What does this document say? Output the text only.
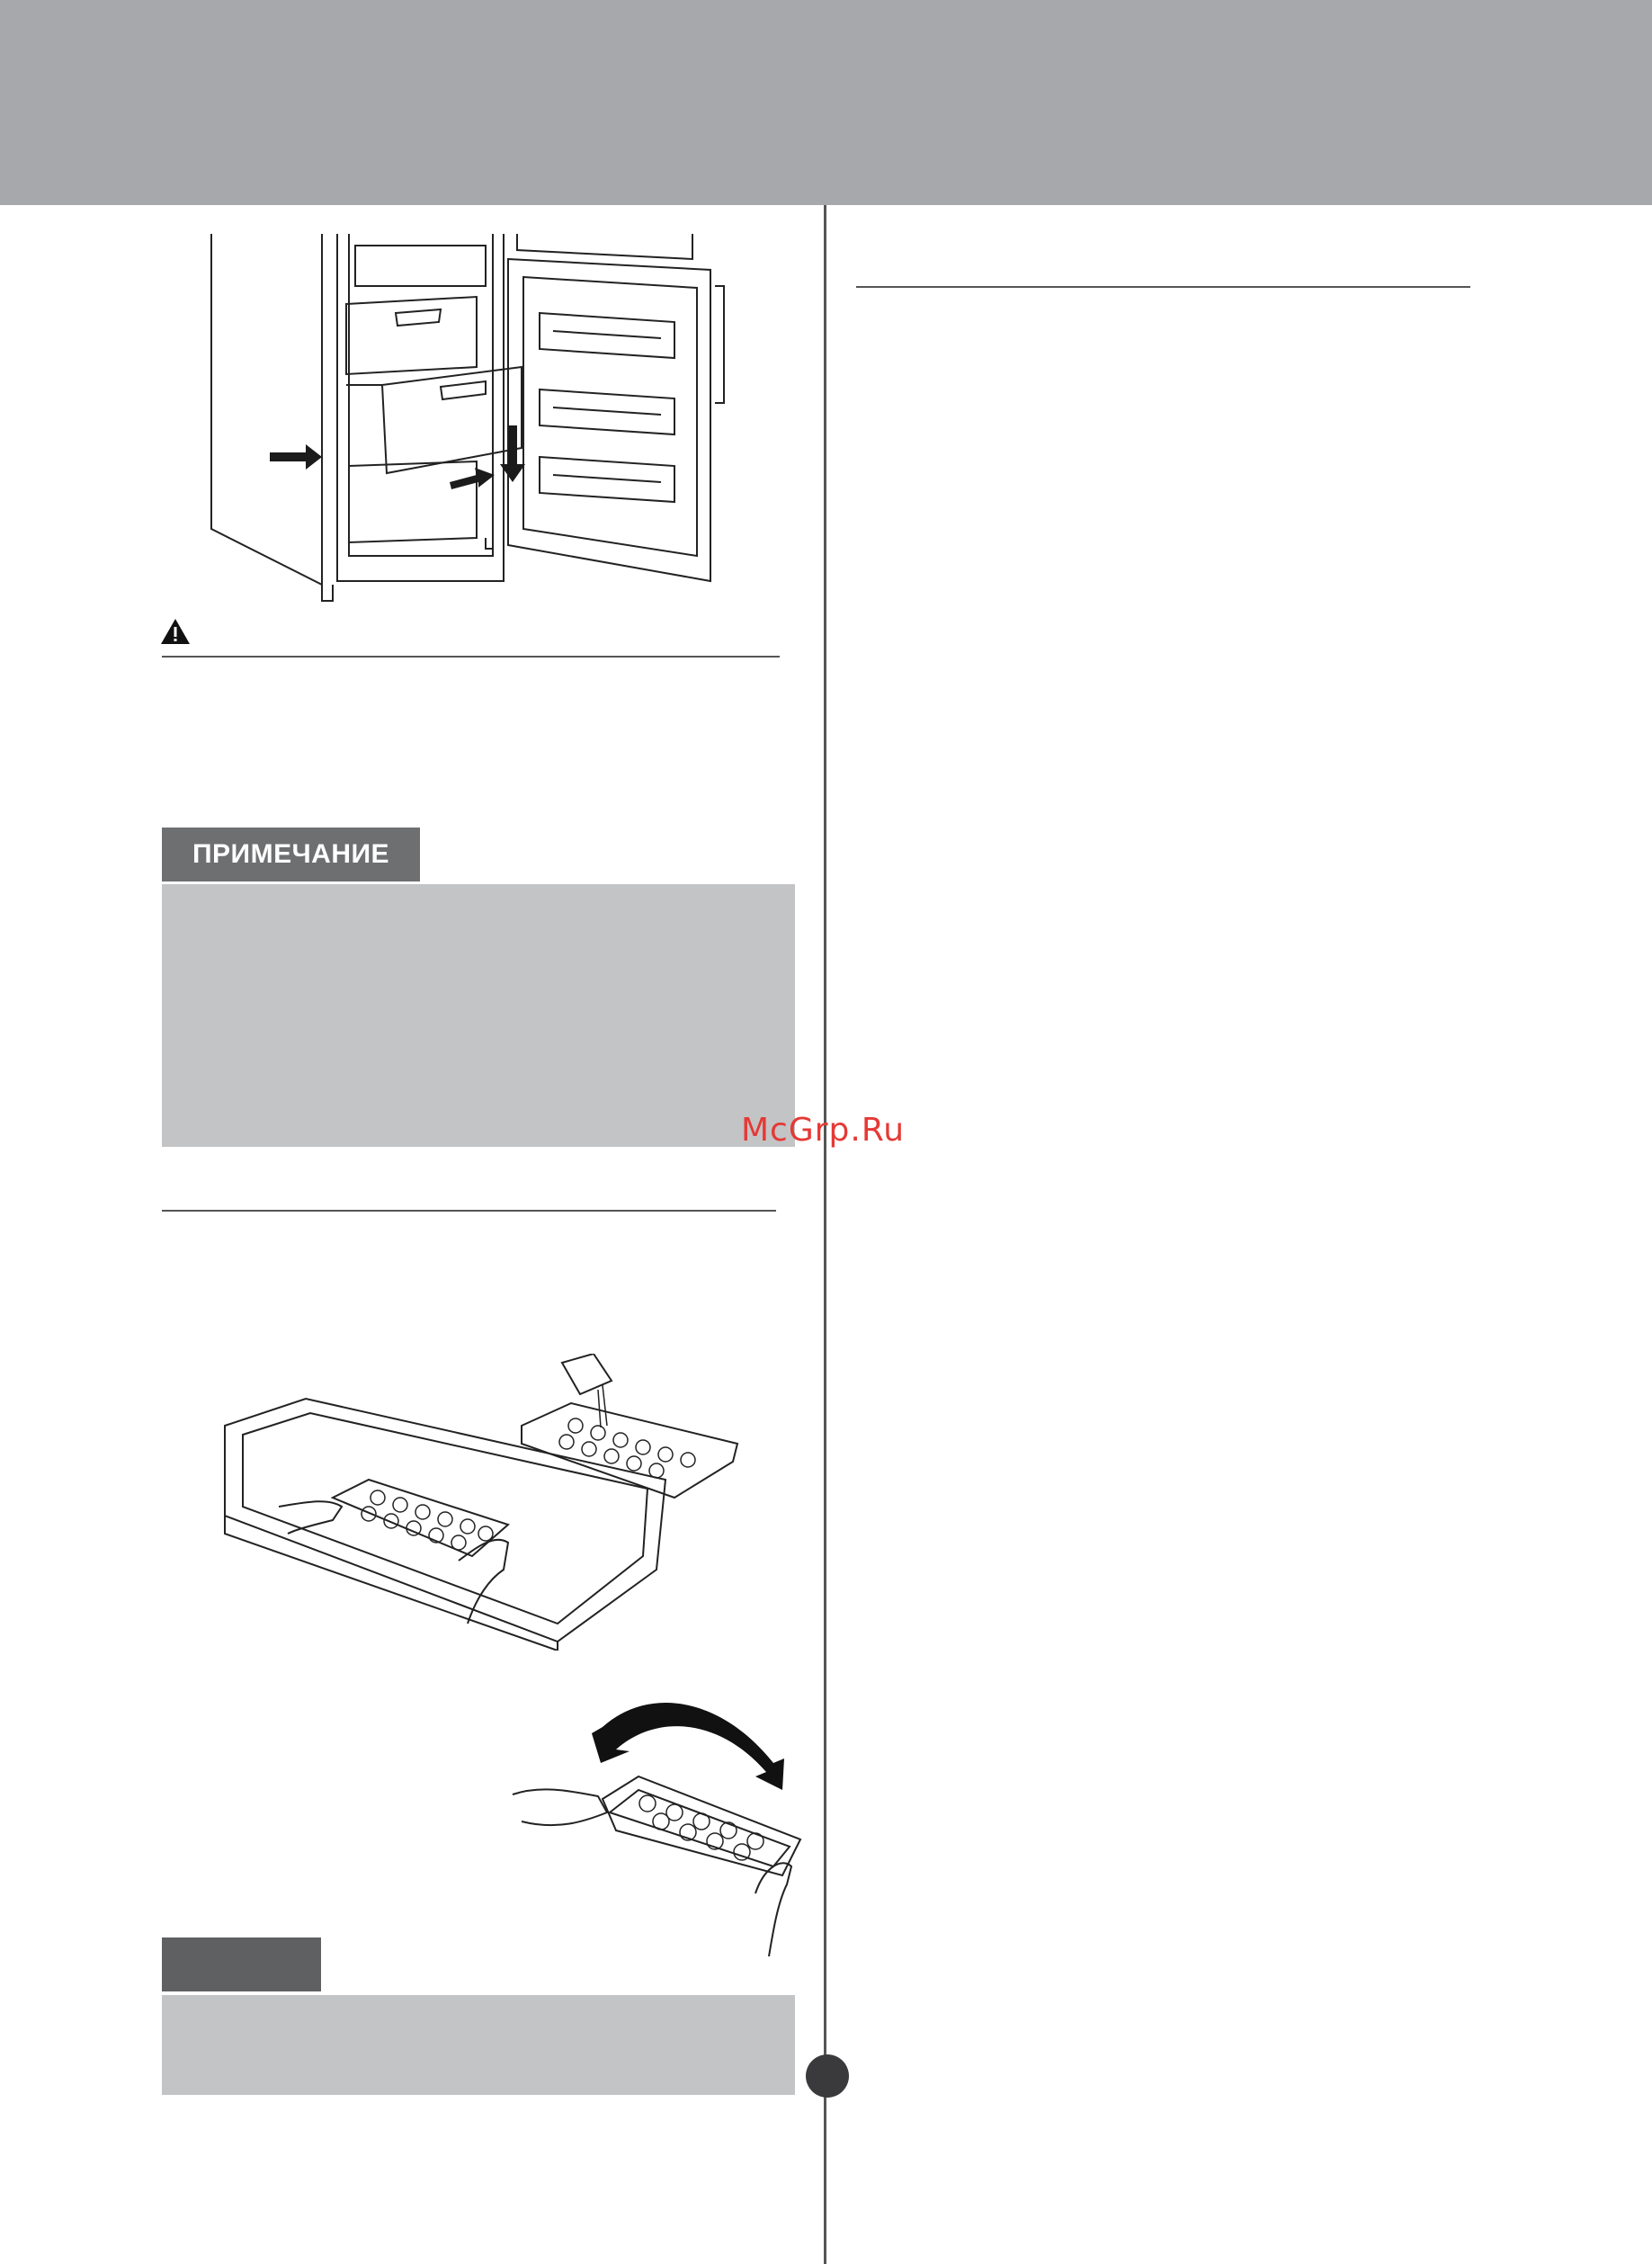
ПРИМЕЧАНИЕ
McGrp.Ru
